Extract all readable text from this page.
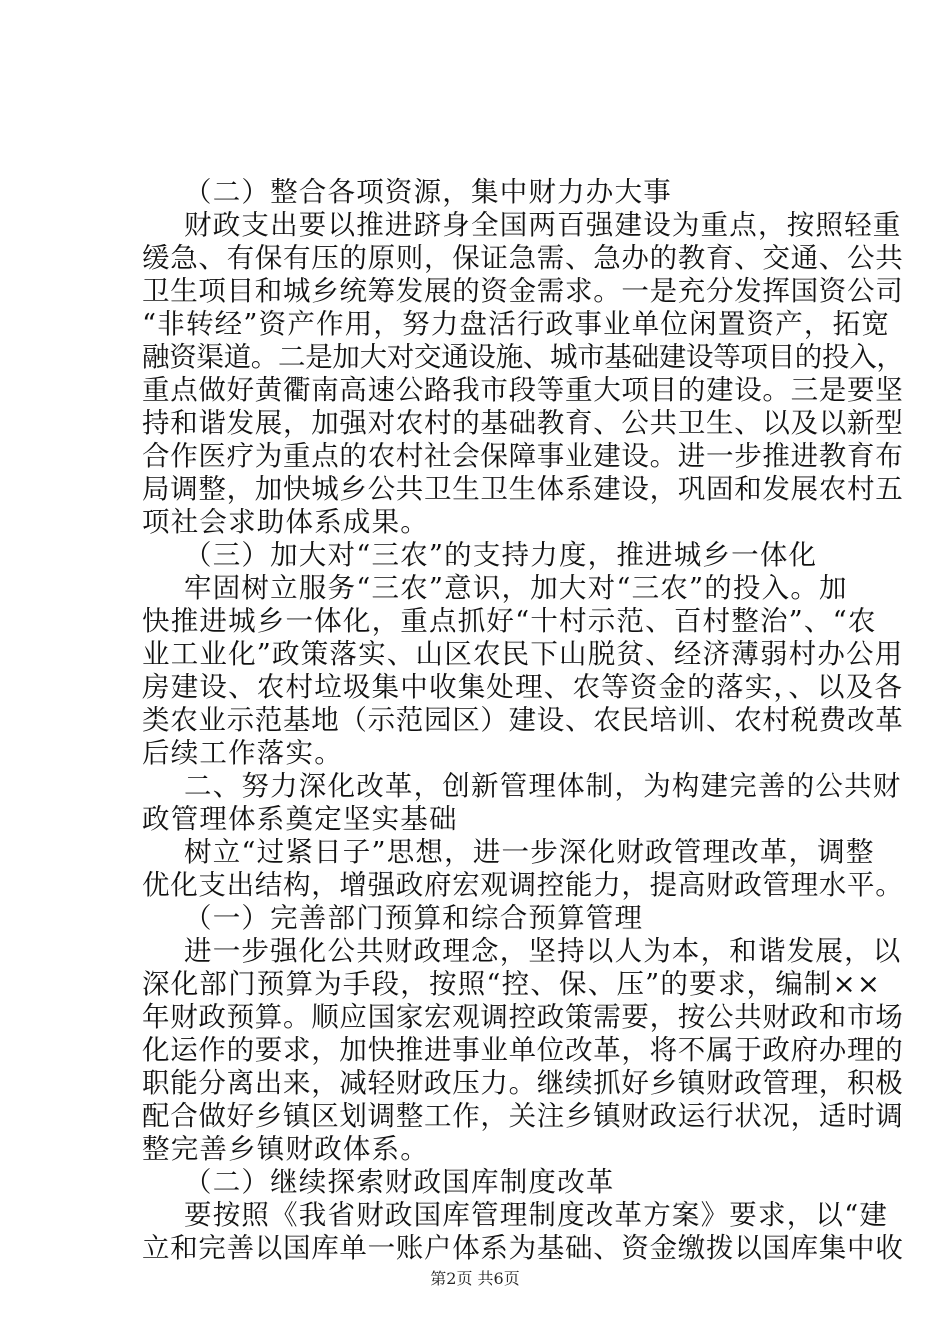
（二）整合各项资源，集中财力办大事
财政支出要以推进跻身全国两百强建设为重点，按照轻重
缓急、有保有压的原则，保证急需、急办的教育、交通、公共
卫生项目和城乡统筹发展的资金需求。一是充分发挥国资公司
“非转经”资产作用，努力盘活行政事业单位闲置资产，拓宽
融资渠道。二是加大对交通设施、城市基础建设等项目的投入，
重点做好黄衢南高速公路我市段等重大项目的建设。三是要坚
持和谐发展，加强对农村的基础教育、公共卫生、以及以新型
合作医疗为重点的农村社会保障事业建设。进一步推进教育布
局调整，加快城乡公共卫生卫生体系建设，巩固和发展农村五
项社会求助体系成果。
（三）加大对“三农”的支持力度，推进城乡一体化
牢固树立服务“三农”意识，加大对“三农”的投入。加
快推进城乡一体化，重点抓好“十村示范、百村整治”、“农
业工业化”政策落实、山区农民下山脱贫、经济薄弱村办公用
房建设、农村垃圾集中收集处理、农等资金的落实，、以及各
类农业示范基地（示范园区）建设、农民培训、农村税费改革
后续工作落实。
二、努力深化改革，创新管理体制，为构建完善的公共财
政管理体系奠定坚实基础
树立“过紧日子”思想，进一步深化财政管理改革，调整
优化支出结构，增强政府宏观调控能力，提高财政管理水平。
（一）完善部门预算和综合预算管理
进一步强化公共财政理念，坚持以人为本，和谐发展，以
深化部门预算为手段，按照“控、保、压”的要求，编制××
年财政预算。顺应国家宏观调控政策需要，按公共财政和市场
化运作的要求，加快推进事业单位改革，将不属于政府办理的
职能分离出来，减轻财政压力。继续抓好乡镇财政管理，积极
配合做好乡镇区划调整工作，关注乡镇财政运行状况，适时调
整完善乡镇财政体系。
（二）继续探索财政国库制度改革
要按照《我省财政国库管理制度改革方案》要求，以“建
立和完善以国库单一账户体系为基础、资金缴拨以国库集中收
第2页 共6页
